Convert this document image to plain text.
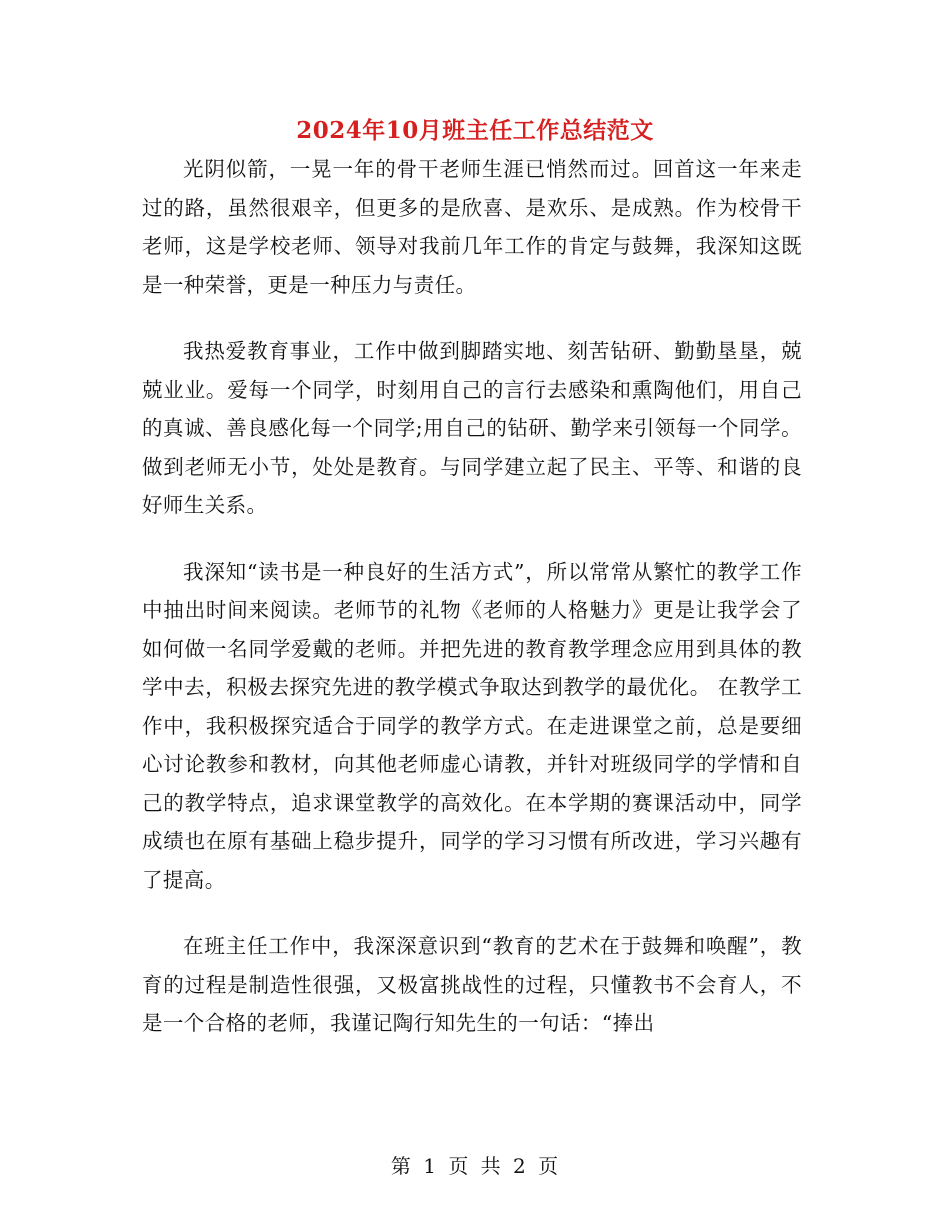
2024年10月班主任工作总结范文

光阴似箭，一晃一年的骨干老师生涯已悄然而过。回首这一年来走过的路，虽然很艰辛，但更多的是欣喜、是欢乐、是成熟。作为校骨干老师，这是学校老师、领导对我前几年工作的肯定与鼓舞，我深知这既是一种荣誉，更是一种压力与责任。

我热爱教育事业，工作中做到脚踏实地、刻苦钻研、勤勤垦垦，兢兢业业。爱每一个同学，时刻用自己的言行去感染和熏陶他们，用自己的真诚、善良感化每一个同学;用自己的钻研、勤学来引领每一个同学。做到老师无小节，处处是教育。与同学建立起了民主、平等、和谐的良好师生关系。

我深知“读书是一种良好的生活方式”，所以常常从繁忙的教学工作中抽出时间来阅读。老师节的礼物《老师的人格魅力》更是让我学会了如何做一名同学爱戴的老师。并把先进的教育教学理念应用到具体的教学中去，积极去探究先进的教学模式争取达到教学的最优化。 在教学工作中，我积极探究适合于同学的教学方式。在走进课堂之前，总是要细心讨论教参和教材，向其他老师虚心请教，并针对班级同学的学情和自己的教学特点，追求课堂教学的高效化。在本学期的赛课活动中，同学成绩也在原有基础上稳步提升，同学的学习习惯有所改进，学习兴趣有了提高。

在班主任工作中，我深深意识到“教育的艺术在于鼓舞和唤醒”，教育的过程是制造性很强，又极富挑战性的过程，只懂教书不会育人，不是一个合格的老师，我谨记陶行知先生的一句话：“捧出

第 1 页 共 2 页
